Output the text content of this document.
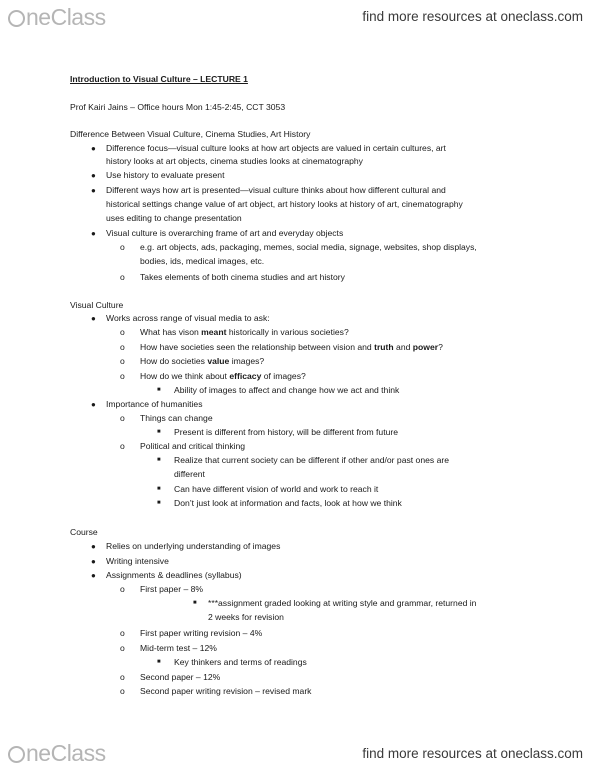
neClass	find more resources at oneclass.com
Introduction to Visual Culture – LECTURE 1
Prof Kairi Jains – Office hours Mon 1:45-2:45, CCT 3053
Difference Between Visual Culture, Cinema Studies, Art History
● Difference focus—visual culture looks at how art objects are valued in certain cultures, art
history looks at art objects, cinema studies looks at cinematography
● Use history to evaluate present
● Different ways how art is presented—visual culture thinks about how different cultural and
historical settings change value of art object, art history looks at history of art, cinematography
uses editing to change presentation
● Visual culture is overarching frame of art and everyday objects
o e.g. art objects, ads, packaging, memes, social media, signage, websites, shop displays,
bodies, ids, medical images, etc.
o Takes elements of both cinema studies and art history
Visual Culture
● Works across range of visual media to ask:
o What has vison meant historically in various societies?
o How have societies seen the relationship between vision and truth and power?
o How do societies value images?
o How do we think about efficacy of images?
■ Ability of images to affect and change how we act and think
● Importance of humanities
o Things can change
■ Present is different from history, will be different from future
o Political and critical thinking
■ Realize that current society can be different if other and/or past ones are
different
■ Can have different vision of world and work to reach it
■ Don’t just look at information and facts, look at how we think
Course
● Relies on underlying understanding of images
● Writing intensive
● Assignments & deadlines (syllabus)
o First paper – 8%
■ ***assignment graded looking at writing style and grammar, returned in
2 weeks for revision
o First paper writing revision – 4%
o Mid-term test – 12%
■ Key thinkers and terms of readings
o Second paper – 12%
o Second paper writing revision – revised mark
neClass	find more resources at oneclass.com
